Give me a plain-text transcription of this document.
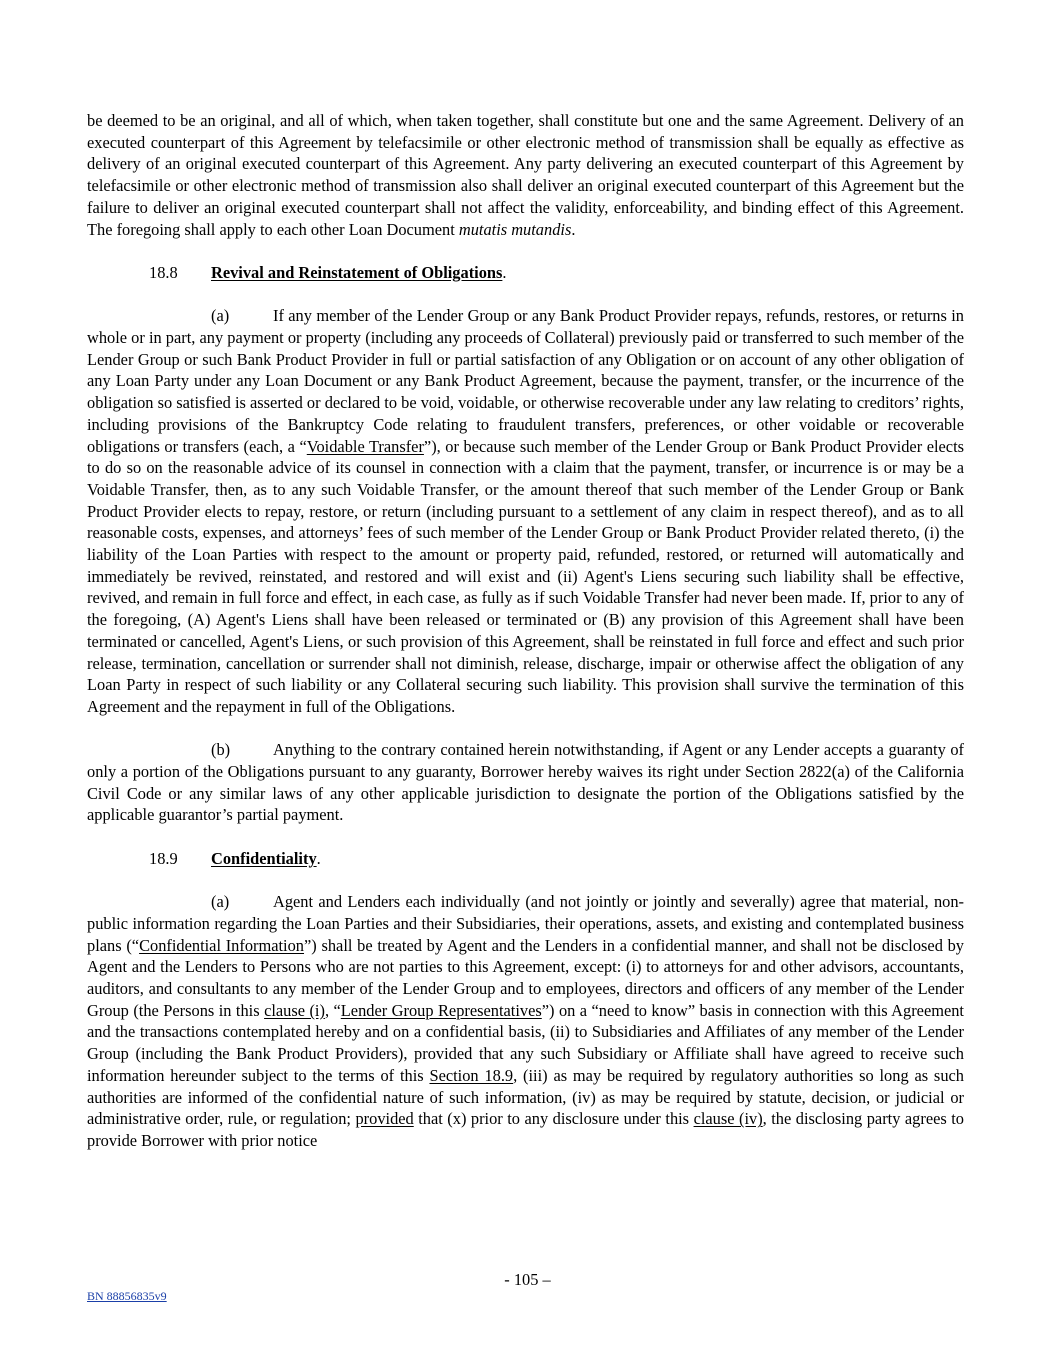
be deemed to be an original, and all of which, when taken together, shall constitute but one and the same Agreement. Delivery of an executed counterpart of this Agreement by telefacsimile or other electronic method of transmission shall be equally as effective as delivery of an original executed counterpart of this Agreement. Any party delivering an executed counterpart of this Agreement by telefacsimile or other electronic method of transmission also shall deliver an original executed counterpart of this Agreement but the failure to deliver an original executed counterpart shall not affect the validity, enforceability, and binding effect of this Agreement. The foregoing shall apply to each other Loan Document mutatis mutandis.

18.8 Revival and Reinstatement of Obligations.

(a)	If any member of the Lender Group or any Bank Product Provider repays, refunds, restores, or returns in whole or in part, any payment or property (including any proceeds of Collateral) previously paid or transferred to such member of the Lender Group or such Bank Product Provider in full or partial satisfaction of any Obligation or on account of any other obligation of any Loan Party under any Loan Document or any Bank Product Agreement, because the payment, transfer, or the incurrence of the obligation so satisfied is asserted or declared to be void, voidable, or otherwise recoverable under any law relating to creditors’ rights, including provisions of the Bankruptcy Code relating to fraudulent transfers, preferences, or other voidable or recoverable obligations or transfers (each, a “Voidable Transfer”), or because such member of the Lender Group or Bank Product Provider elects to do so on the reasonable advice of its counsel in connection with a claim that the payment, transfer, or incurrence is or may be a Voidable Transfer, then, as to any such Voidable Transfer, or the amount thereof that such member of the Lender Group or Bank Product Provider elects to repay, restore, or return (including pursuant to a settlement of any claim in respect thereof), and as to all reasonable costs, expenses, and attorneys’ fees of such member of the Lender Group or Bank Product Provider related thereto, (i) the liability of the Loan Parties with respect to the amount or property paid, refunded, restored, or returned will automatically and immediately be revived, reinstated, and restored and will exist and (ii) Agent's Liens securing such liability shall be effective, revived, and remain in full force and effect, in each case, as fully as if such Voidable Transfer had never been made. If, prior to any of the foregoing, (A) Agent's Liens shall have been released or terminated or (B) any provision of this Agreement shall have been terminated or cancelled, Agent's Liens, or such provision of this Agreement, shall be reinstated in full force and effect and such prior release, termination, cancellation or surrender shall not diminish, release, discharge, impair or otherwise affect the obligation of any Loan Party in respect of such liability or any Collateral securing such liability. This provision shall survive the termination of this Agreement and the repayment in full of the Obligations.

(b)	Anything to the contrary contained herein notwithstanding, if Agent or any Lender accepts a guaranty of only a portion of the Obligations pursuant to any guaranty, Borrower hereby waives its right under Section 2822(a) of the California Civil Code or any similar laws of any other applicable jurisdiction to designate the portion of the Obligations satisfied by the applicable guarantor’s partial payment.

18.9 Confidentiality.

(a)	Agent and Lenders each individually (and not jointly or jointly and severally) agree that material, non-public information regarding the Loan Parties and their Subsidiaries, their operations, assets, and existing and contemplated business plans (“Confidential Information”) shall be treated by Agent and the Lenders in a confidential manner, and shall not be disclosed by Agent and the Lenders to Persons who are not parties to this Agreement, except: (i) to attorneys for and other advisors, accountants, auditors, and consultants to any member of the Lender Group and to employees, directors and officers of any member of the Lender Group (the Persons in this clause (i), “Lender Group Representatives”) on a “need to know” basis in connection with this Agreement and the transactions contemplated hereby and on a confidential basis, (ii) to Subsidiaries and Affiliates of any member of the Lender Group (including the Bank Product Providers), provided that any such Subsidiary or Affiliate shall have agreed to receive such information hereunder subject to the terms of this Section 18.9, (iii) as may be required by regulatory authorities so long as such authorities are informed of the confidential nature of such information, (iv) as may be required by statute, decision, or judicial or administrative order, rule, or regulation; provided that (x) prior to any disclosure under this clause (iv), the disclosing party agrees to provide Borrower with prior notice

- 105 –
BN 88856835v9
